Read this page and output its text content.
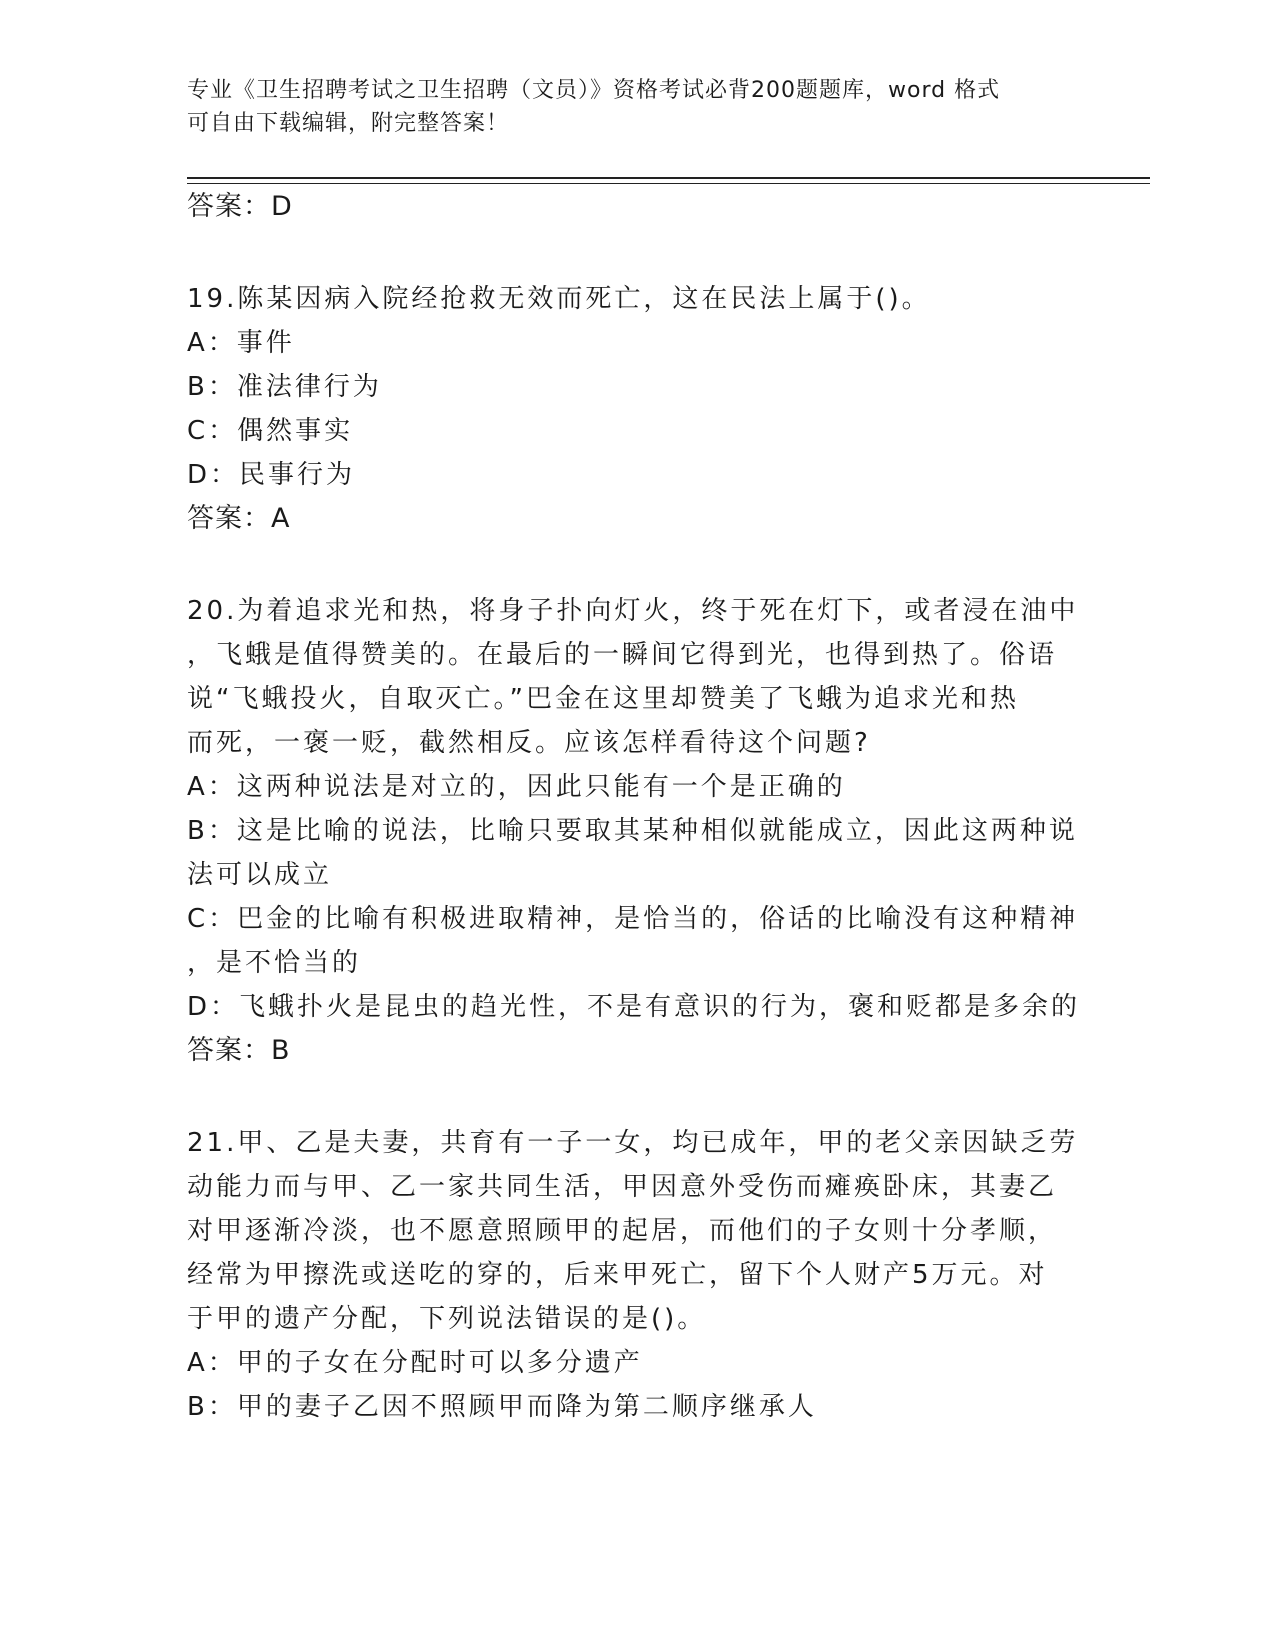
专业《卫生招聘考试之卫生招聘（文员）》资格考试必背200题题库，word 格式
可自由下载编辑，附完整答案！
答案：D
19.陈某因病入院经抢救无效而死亡，这在民法上属于()。
A：事件
B：准法律行为
C：偶然事实
D：民事行为
答案：A
20.为着追求光和热，将身子扑向灯火，终于死在灯下，或者浸在油中
，飞蛾是值得赞美的。在最后的一瞬间它得到光，也得到热了。俗语
说“飞蛾投火，自取灭亡。”巴金在这里却赞美了飞蛾为追求光和热
而死，一褒一贬，截然相反。应该怎样看待这个问题?
A：这两种说法是对立的，因此只能有一个是正确的
B：这是比喻的说法，比喻只要取其某种相似就能成立，因此这两种说
法可以成立
C：巴金的比喻有积极进取精神，是恰当的，俗话的比喻没有这种精神
，是不恰当的
D：飞蛾扑火是昆虫的趋光性，不是有意识的行为，褒和贬都是多余的
答案：B
21.甲、乙是夫妻，共育有一子一女，均已成年，甲的老父亲因缺乏劳
动能力而与甲、乙一家共同生活，甲因意外受伤而瘫痪卧床，其妻乙
对甲逐渐冷淡，也不愿意照顾甲的起居，而他们的子女则十分孝顺，
经常为甲擦洗或送吃的穿的，后来甲死亡，留下个人财产5万元。对
于甲的遗产分配，下列说法错误的是()。
A：甲的子女在分配时可以多分遗产
B：甲的妻子乙因不照顾甲而降为第二顺序继承人
